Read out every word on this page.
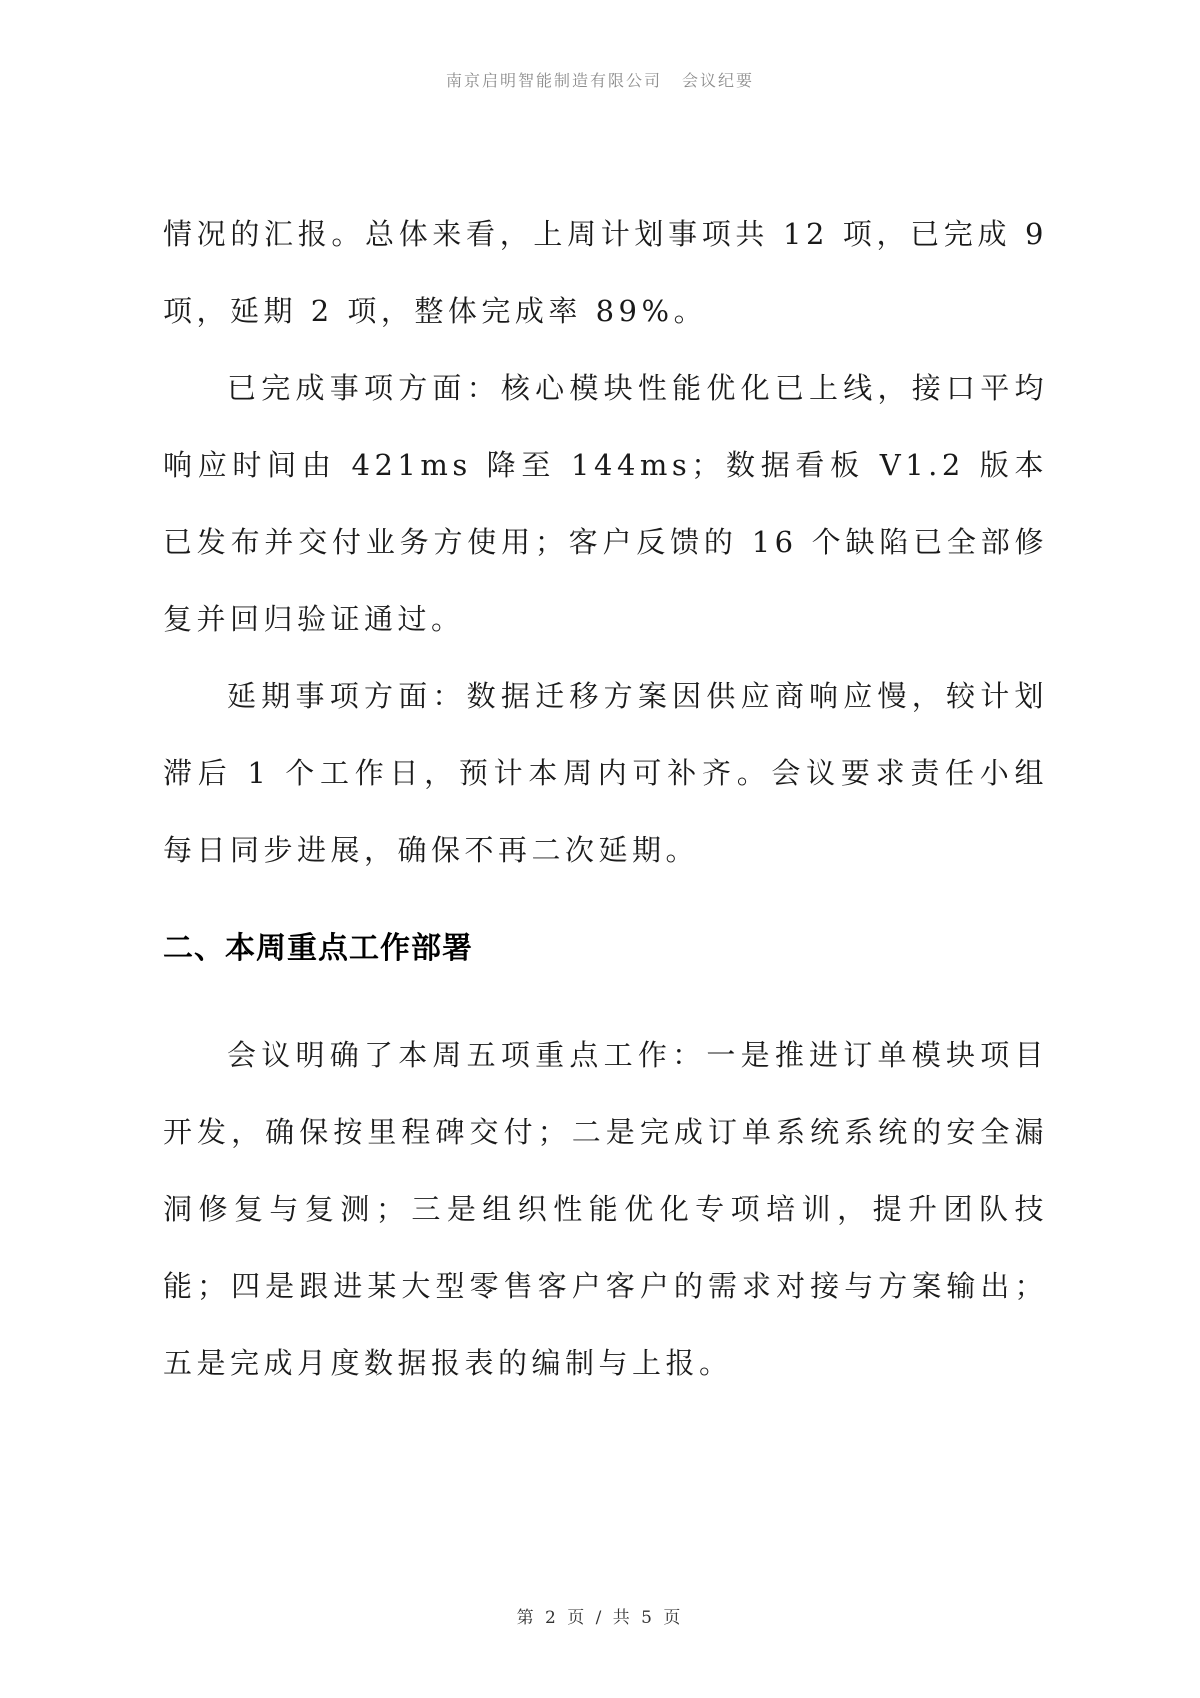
南京启明智能制造有限公司 会议纪要

情况的汇报。总体来看，上周计划事项共 12 项，已完成 9 项，延期 2 项，整体完成率 89%。

已完成事项方面：核心模块性能优化已上线，接口平均响应时间由 421ms 降至 144ms；数据看板 V1.2 版本已发布并交付业务方使用；客户反馈的 16 个缺陷已全部修复并回归验证通过。

延期事项方面：数据迁移方案因供应商响应慢，较计划滞后 1 个工作日，预计本周内可补齐。会议要求责任小组每日同步进展，确保不再二次延期。

二、本周重点工作部署

会议明确了本周五项重点工作：一是推进订单模块项目开发，确保按里程碑交付；二是完成订单系统系统的安全漏洞修复与复测；三是组织性能优化专项培训，提升团队技能；四是跟进某大型零售客户客户的需求对接与方案输出；五是完成月度数据报表的编制与上报。

第 2 页 / 共 5 页
